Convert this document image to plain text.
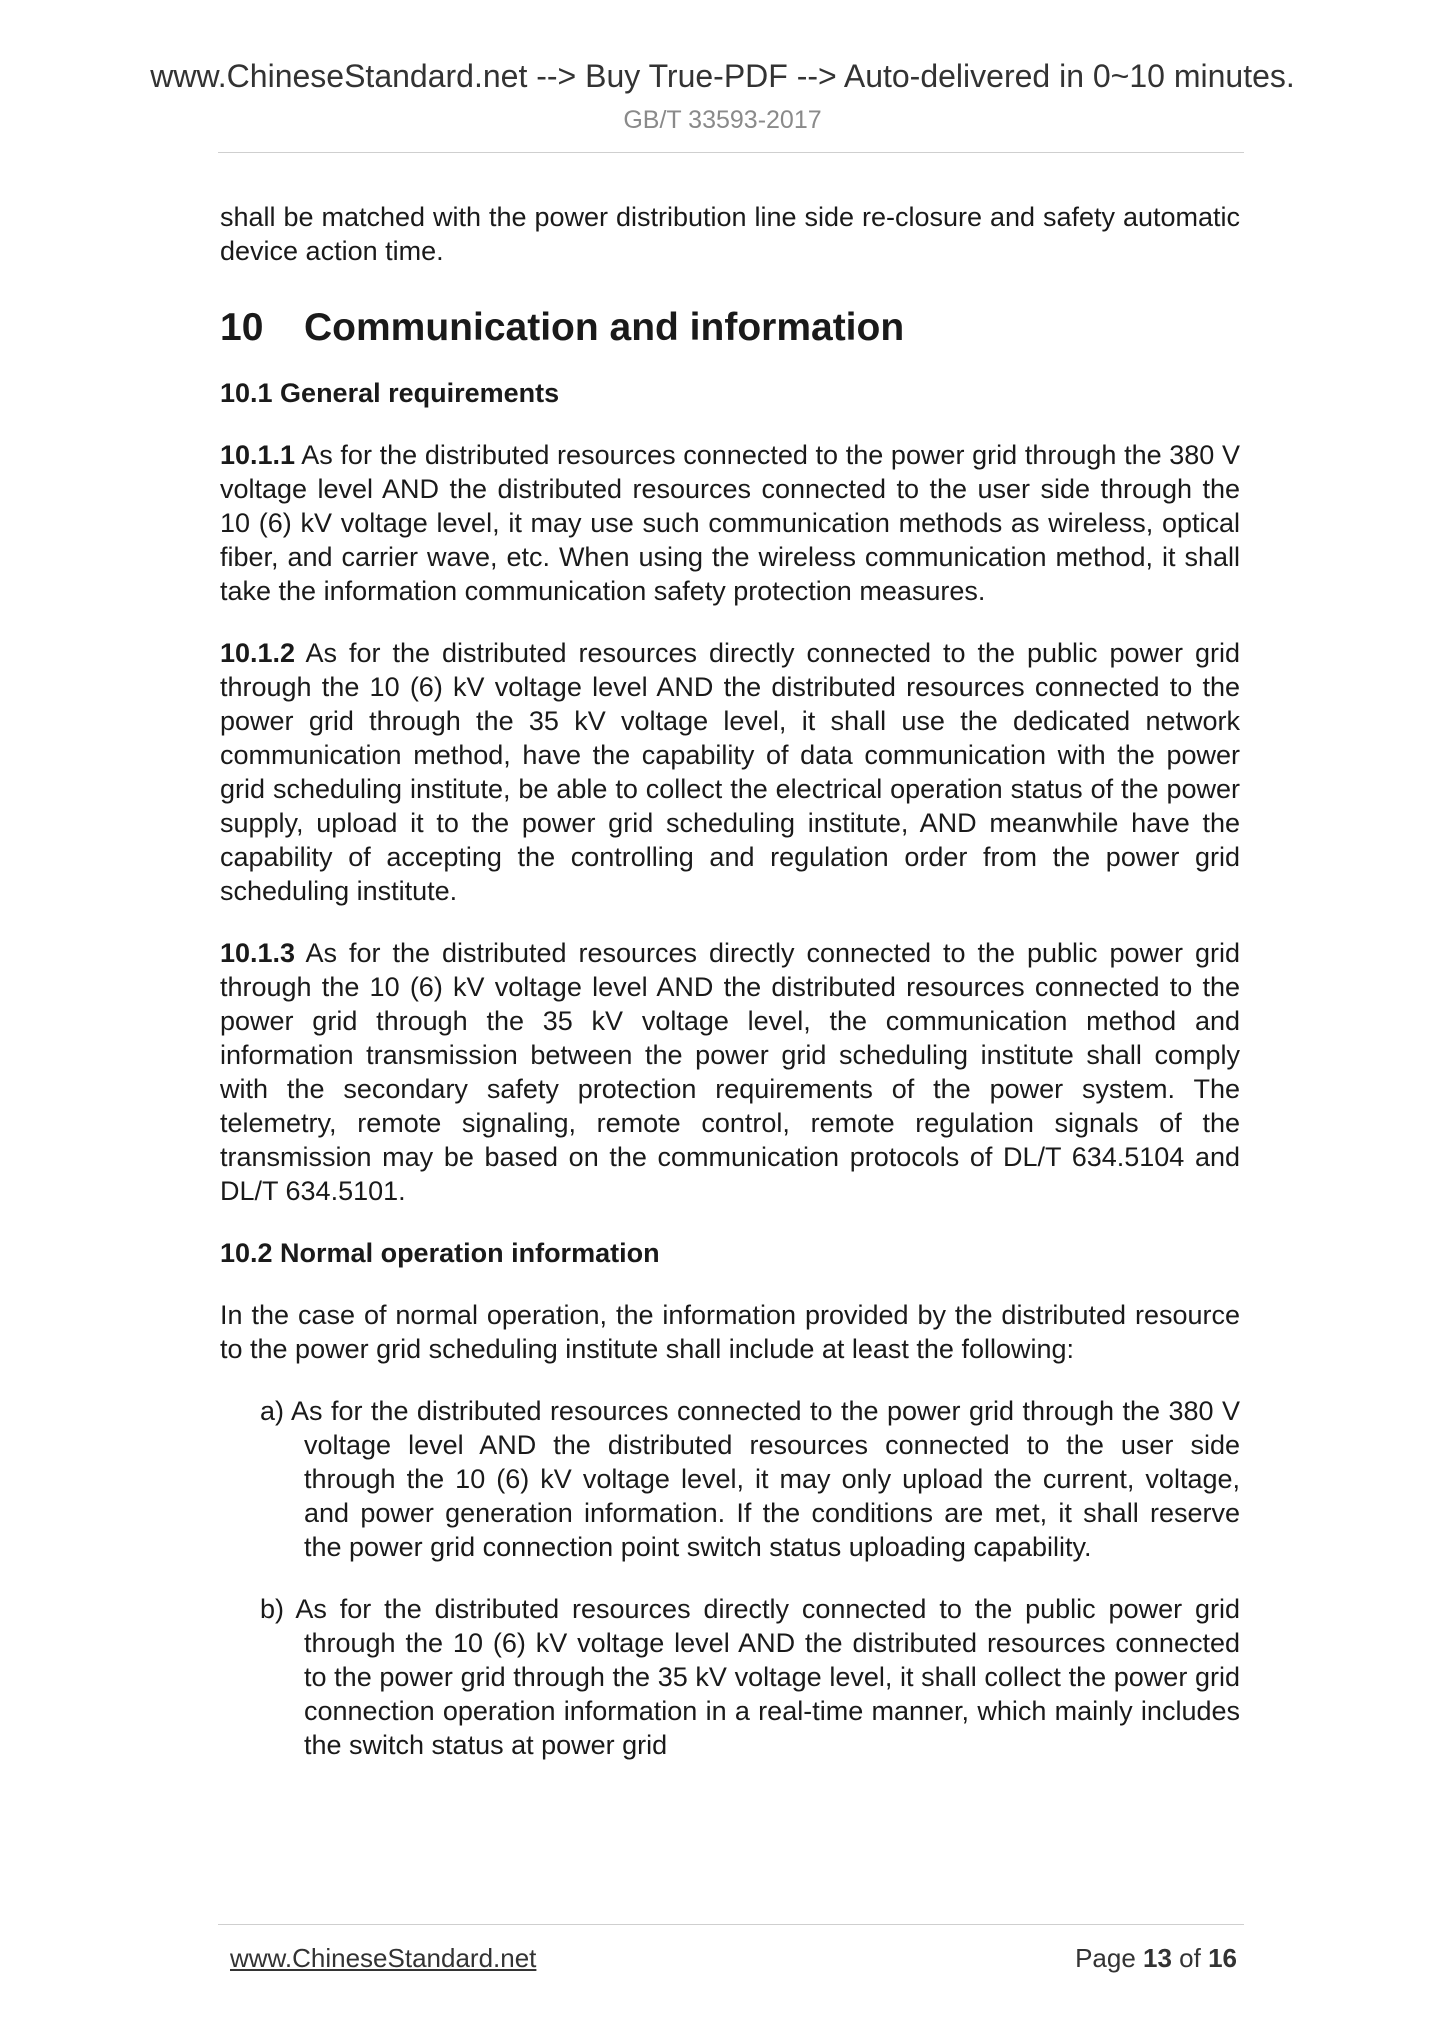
www.ChineseStandard.net --> Buy True-PDF --> Auto-delivered in 0~10 minutes.
GB/T 33593-2017

shall be matched with the power distribution line side re-closure and safety automatic device action time.

10 Communication and information
10.1 General requirements

10.1.1 As for the distributed resources connected to the power grid through the 380 V voltage level AND the distributed resources connected to the user side through the 10 (6) kV voltage level, it may use such communication methods as wireless, optical fiber, and carrier wave, etc. When using the wireless communication method, it shall take the information communication safety protection measures.

10.1.2 As for the distributed resources directly connected to the public power grid through the 10 (6) kV voltage level AND the distributed resources connected to the power grid through the 35 kV voltage level, it shall use the dedicated network communication method, have the capability of data communication with the power grid scheduling institute, be able to collect the electrical operation status of the power supply, upload it to the power grid scheduling institute, AND meanwhile have the capability of accepting the controlling and regulation order from the power grid scheduling institute.

10.1.3 As for the distributed resources directly connected to the public power grid through the 10 (6) kV voltage level AND the distributed resources connected to the power grid through the 35 kV voltage level, the communication method and information transmission between the power grid scheduling institute shall comply with the secondary safety protection requirements of the power system. The telemetry, remote signaling, remote control, remote regulation signals of the transmission may be based on the communication protocols of DL/T 634.5104 and DL/T 634.5101.

10.2 Normal operation information

In the case of normal operation, the information provided by the distributed resource to the power grid scheduling institute shall include at least the following:

a) As for the distributed resources connected to the power grid through the 380 V voltage level AND the distributed resources connected to the user side through the 10 (6) kV voltage level, it may only upload the current, voltage, and power generation information. If the conditions are met, it shall reserve the power grid connection point switch status uploading capability.

b) As for the distributed resources directly connected to the public power grid through the 10 (6) kV voltage level AND the distributed resources connected to the power grid through the 35 kV voltage level, it shall collect the power grid connection operation information in a real-time manner, which mainly includes the switch status at power grid

www.ChineseStandard.net	Page 13 of 16
